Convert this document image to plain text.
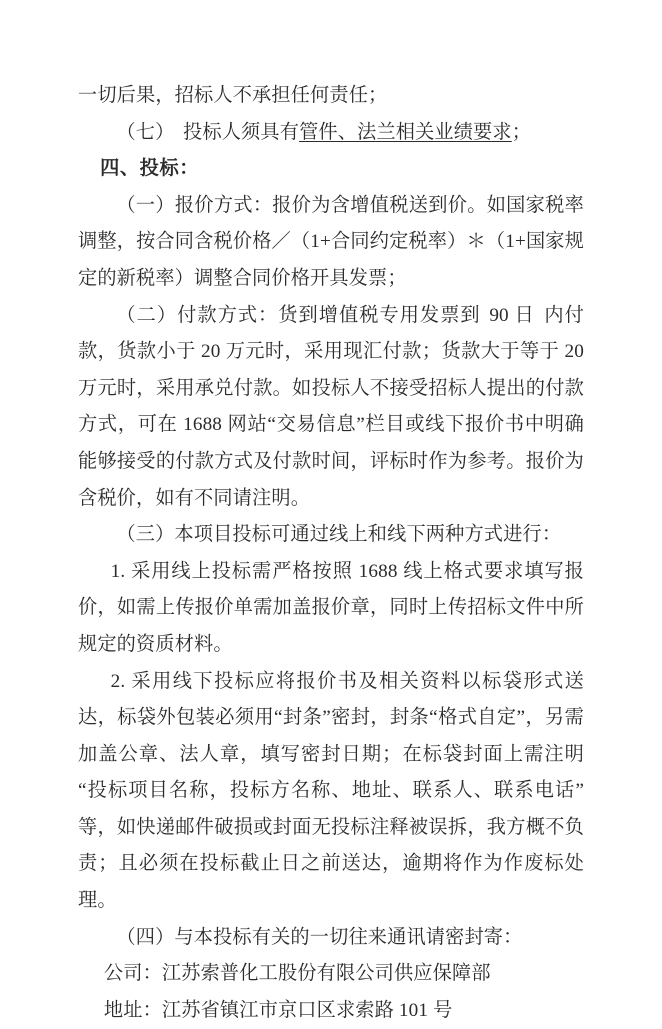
一切后果，招标人不承担任何责任；

（七） 投标人须具有管件、法兰相关业绩要求；

四、投标：

（一）报价方式：报价为含增值税送到价。如国家税率调整，按合同含税价格／（1+合同约定税率）＊（1+国家规定的新税率）调整合同价格开具发票；

（二）付款方式：货到增值税专用发票到 90 日 内付款，货款小于 20 万元时，采用现汇付款；货款大于等于 20 万元时，采用承兑付款。如投标人不接受招标人提出的付款方式，可在 1688 网站“交易信息”栏目或线下报价书中明确能够接受的付款方式及付款时间，评标时作为参考。报价为含税价，如有不同请注明。

（三）本项目投标可通过线上和线下两种方式进行：

1. 采用线上投标需严格按照 1688 线上格式要求填写报价，如需上传报价单需加盖报价章，同时上传招标文件中所规定的资质材料。

2. 采用线下投标应将报价书及相关资料以标袋形式送达，标袋外包装必须用“封条”密封，封条“格式自定”，另需加盖公章、法人章，填写密封日期；在标袋封面上需注明“投标项目名称，投标方名称、地址、联系人、联系电话”等，如快递邮件破损或封面无投标注释被误拆，我方概不负责；且必须在投标截止日之前送达，逾期将作为作废标处理。

（四）与本投标有关的一切往来通讯请密封寄：

公司：江苏索普化工股份有限公司供应保障部

地址：江苏省镇江市京口区求索路 101 号
